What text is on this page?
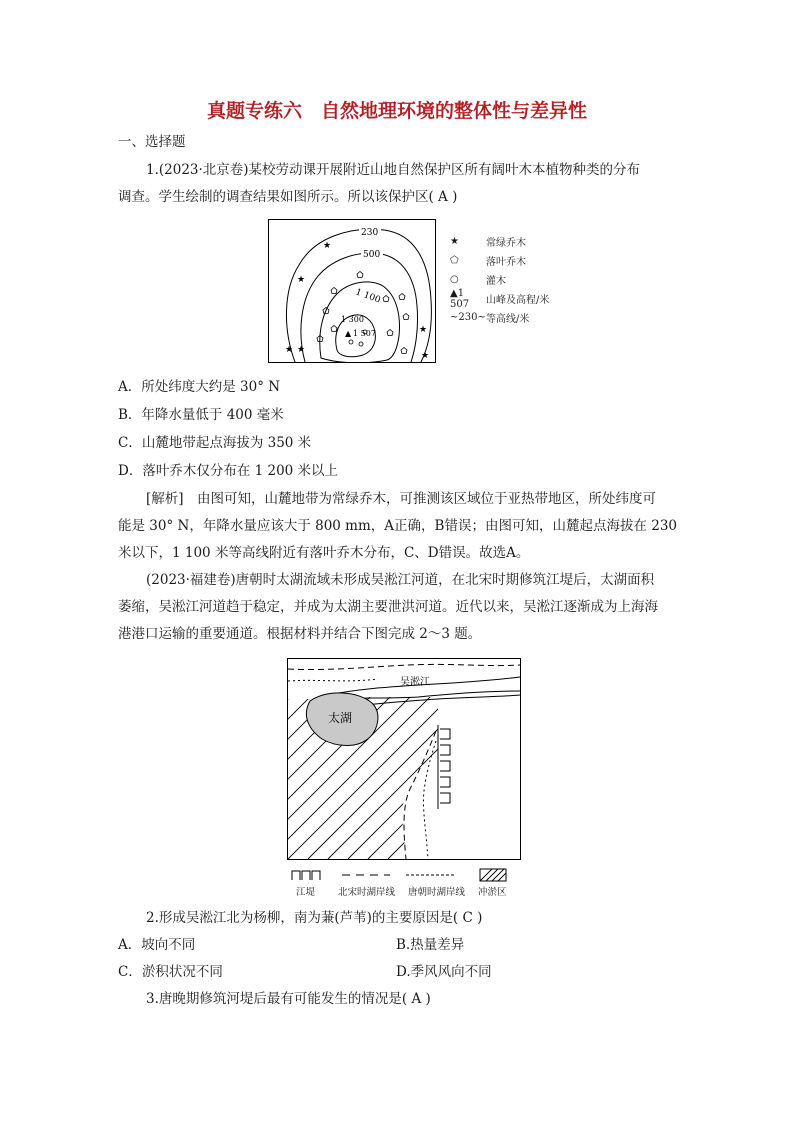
真题专练六　自然地理环境的整体性与差异性
一、选择题
1.(2023·北京卷)某校劳动课开展附近山地自然保护区所有阔叶木本植物种类的分布
调查。学生绘制的调查结果如图所示。所以该保护区( A )
230
500
1 100
1 300
▲ 1 507
★
★
★ ★
★
★
★	常绿乔木
⬠	落叶乔木
○	灌木
▲1 507	山峰及高程/米
~230~ 等高线/米
A．所处纬度大约是 30° N
B．年降水量低于 400 毫米
C．山麓地带起点海拔为 350 米
D．落叶乔木仅分布在 1 200 米以上
[解析]　由图可知，山麓地带为常绿乔木，可推测该区域位于亚热带地区，所处纬度可
能是 30° N，年降水量应该大于 800 mm，A正确，B错误；由图可知，山麓起点海拔在 230
米以下，1 100 米等高线附近有落叶乔木分布，C、D错误。故选A。
(2023·福建卷)唐朝时太湖流域未形成吴淞江河道，在北宋时期修筑江堤后，太湖面积
萎缩，吴淞江河道趋于稳定，并成为太湖主要泄洪河道。近代以来，吴淞江逐渐成为上海海
港港口运输的重要通道。根据材料并结合下图完成 2～3 题。
吴淞江
太湖
江堤 北宋时湖岸线 唐朝时湖岸线 冲淤区
2.形成吴淞江北为杨柳，南为蒹(芦苇)的主要原因是( C )
A．坡向不同	B.热量差异
C．淤积状况不同	D.季风风向不同
3.唐晚期修筑河堤后最有可能发生的情况是( A )
